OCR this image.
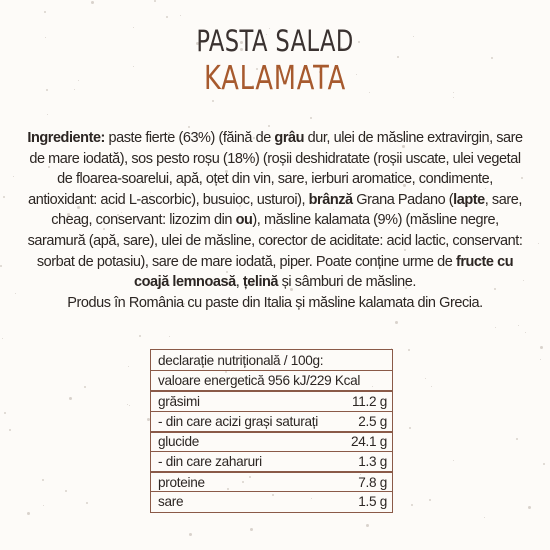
PASTA SALAD
KALAMATA
Ingrediente: paste fierte (63%) (făină de grâu dur, ulei de măsline extravirgin, sare de mare iodată), sos pesto roșu (18%) (roșii deshidratate (roșii uscate, ulei vegetal de floarea-soarelui, apă, oțet din vin, sare, ierburi aromatice, condimente, antioxidant: acid L-ascorbic), busuioc, usturoi), brânză Grana Padano (lapte, sare, cheag, conservant: lizozim din ou), măsline kalamata (9%) (măsline negre, saramură (apă, sare), ulei de măsline, corector de aciditate: acid lactic, conservant: sorbat de potasiu), sare de mare iodată, piper. Poate conține urme de fructe cu coajă lemnoasă, țelină și sâmburi de măsline.
Produs în România cu paste din Italia și măsline kalamata din Grecia.
declarație nutrițională / 100g:
valoare energetică 956 kJ/229 Kcal
grăsimi	11.2 g
- din care acizi grași saturați	2.5 g
glucide	24.1 g
- din care zaharuri	1.3 g
proteine	7.8 g
sare	1.5 g
